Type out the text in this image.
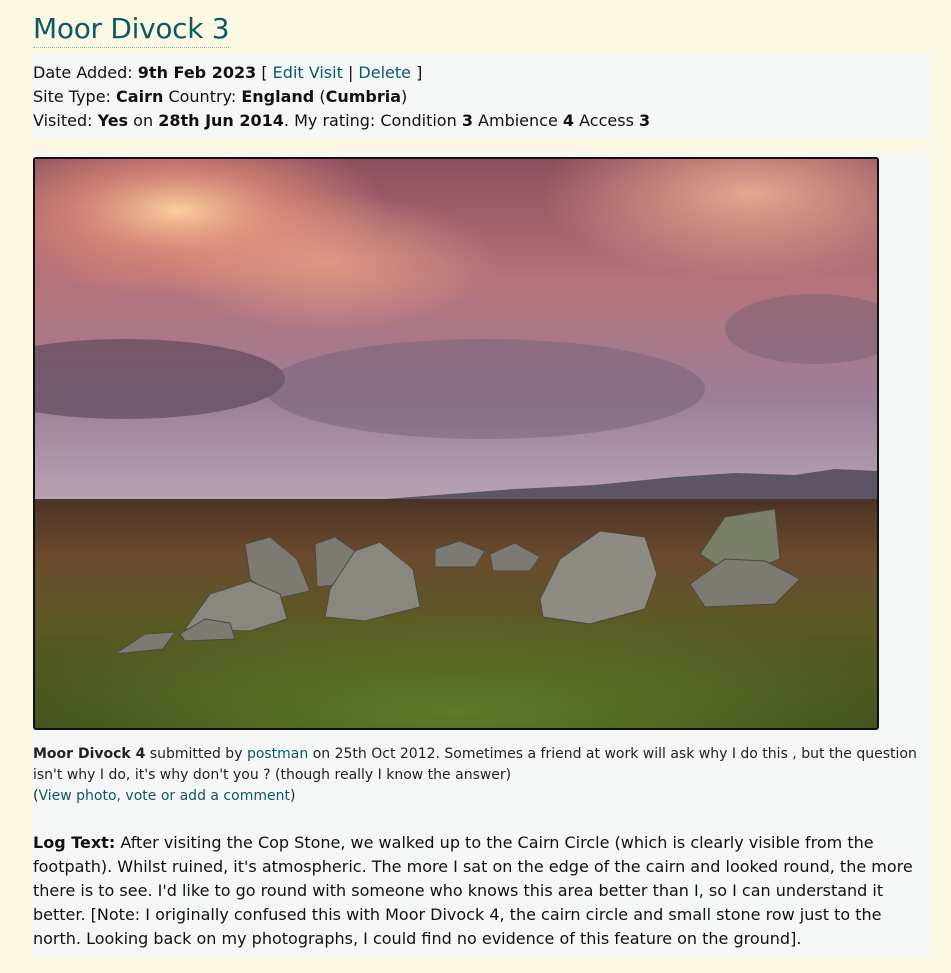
Moor Divock 3
Date Added: 9th Feb 2023 [ Edit Visit | Delete ]
Site Type: Cairn Country: England (Cumbria)
Visited: Yes on 28th Jun 2014. My rating: Condition 3 Ambience 4 Access 3
Moor Divock 4 submitted by postman on 25th Oct 2012. Sometimes a friend at work will ask why I do this , but the question isn't why I do, it's why don't you ? (though really I know the answer)
(View photo, vote or add a comment)
Log Text: After visiting the Cop Stone, we walked up to the Cairn Circle (which is clearly visible from the footpath). Whilst ruined, it's atmospheric. The more I sat on the edge of the cairn and looked round, the more there is to see. I'd like to go round with someone who knows this area better than I, so I can understand it better. [Note: I originally confused this with Moor Divock 4, the cairn circle and small stone row just to the north. Looking back on my photographs, I could find no evidence of this feature on the ground].
